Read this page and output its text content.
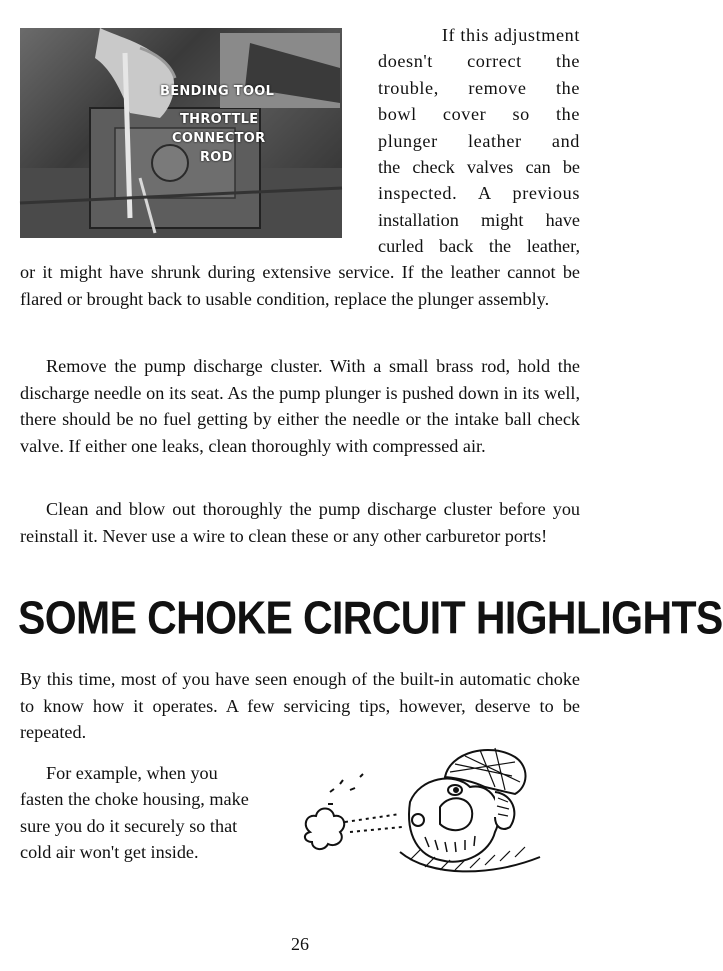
BENDING TOOL
THROTTLE
CONNECTOR
ROD
If this adjustment
doesn't correct the
trouble, remove the
bowl cover so the
plunger leather and
the check valves can be
inspected. A previous
installation might have
curled back the leather,

or it might have shrunk during extensive service. If the leather cannot be flared or brought back to usable condition, replace the plunger assembly.

Remove the pump discharge cluster. With a small brass rod, hold the discharge needle on its seat. As the pump plunger is pushed down in its well, there should be no fuel getting by either the needle or the intake ball check valve. If either one leaks, clean thoroughly with compressed air.

Clean and blow out thoroughly the pump discharge cluster before you reinstall it. Never use a wire to clean these or any other carburetor ports!

SOME CHOKE CIRCUIT HIGHLIGHTS

By this time, most of you have seen enough of the built-in automatic choke to know how it operates. A few servicing tips, however, deserve to be repeated.

For example, when you fasten the choke housing, make sure you do it securely so that cold air won't get inside.

26
